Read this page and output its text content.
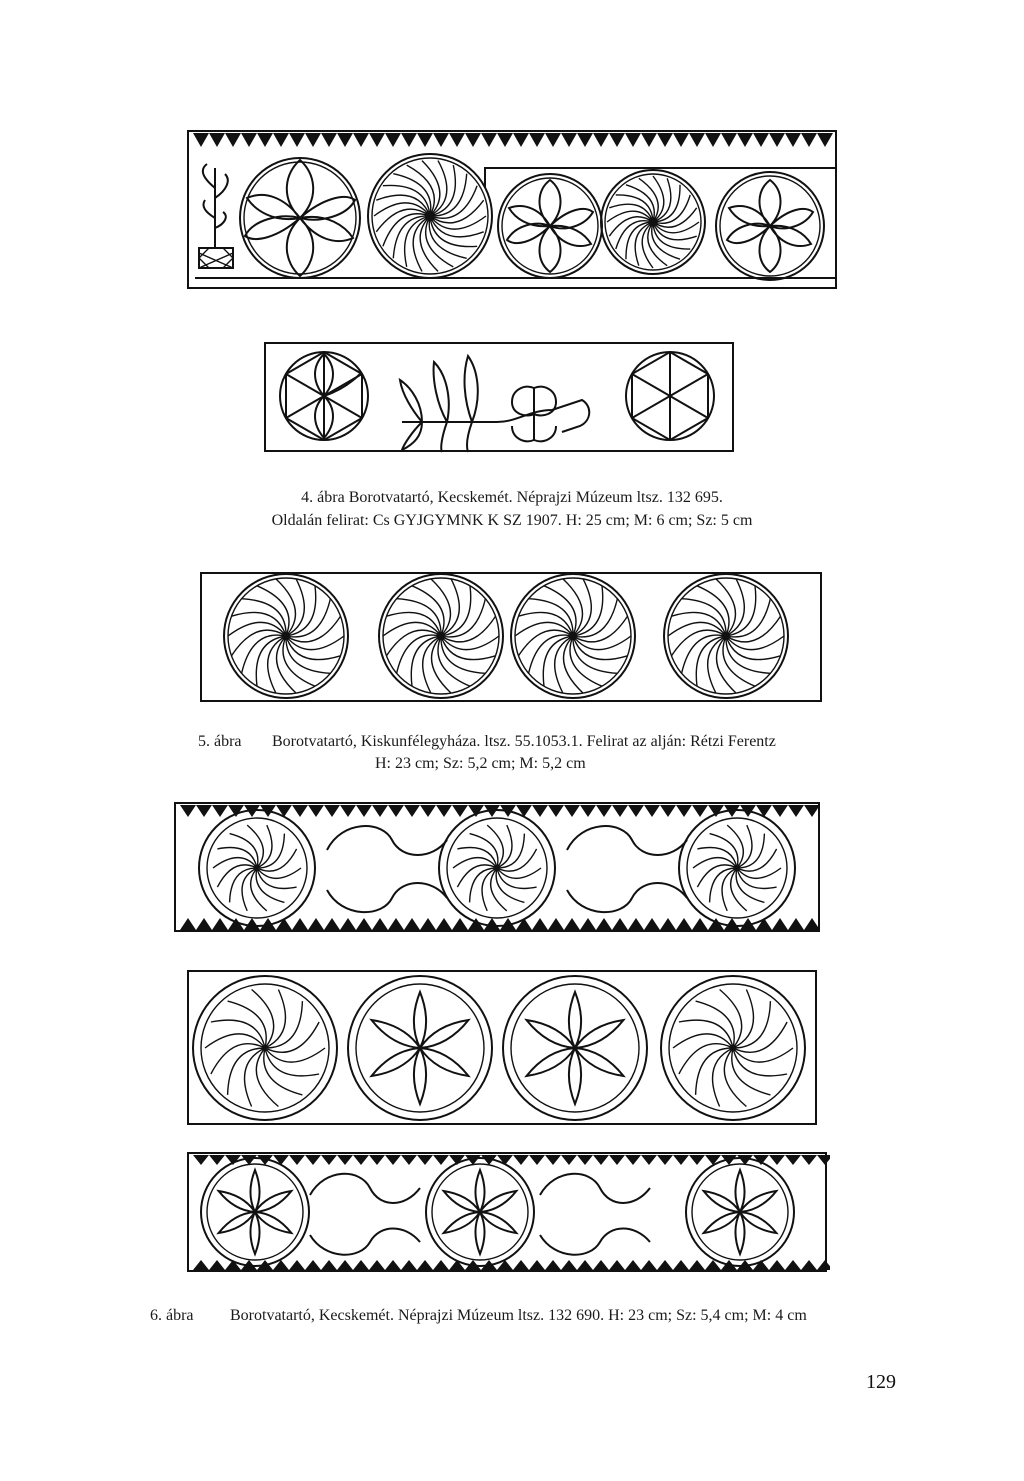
4. ábra Borotvatartó, Kecskemét. Néprajzi Múzeum ltsz. 132 695.
Oldalán felirat: Cs GYJGYMNK K SZ 1907. H: 25 cm; M: 6 cm; Sz: 5 cm
5. ábra Borotvatartó, Kiskunfélegyháza. ltsz. 55.1053.1. Felirat az alján: Rétzi Ferentz
H: 23 cm; Sz: 5,2 cm; M: 5,2 cm
6. ábra Borotvatartó, Kecskemét. Néprajzi Múzeum ltsz. 132 690. H: 23 cm; Sz: 5,4 cm; M: 4 cm
129
